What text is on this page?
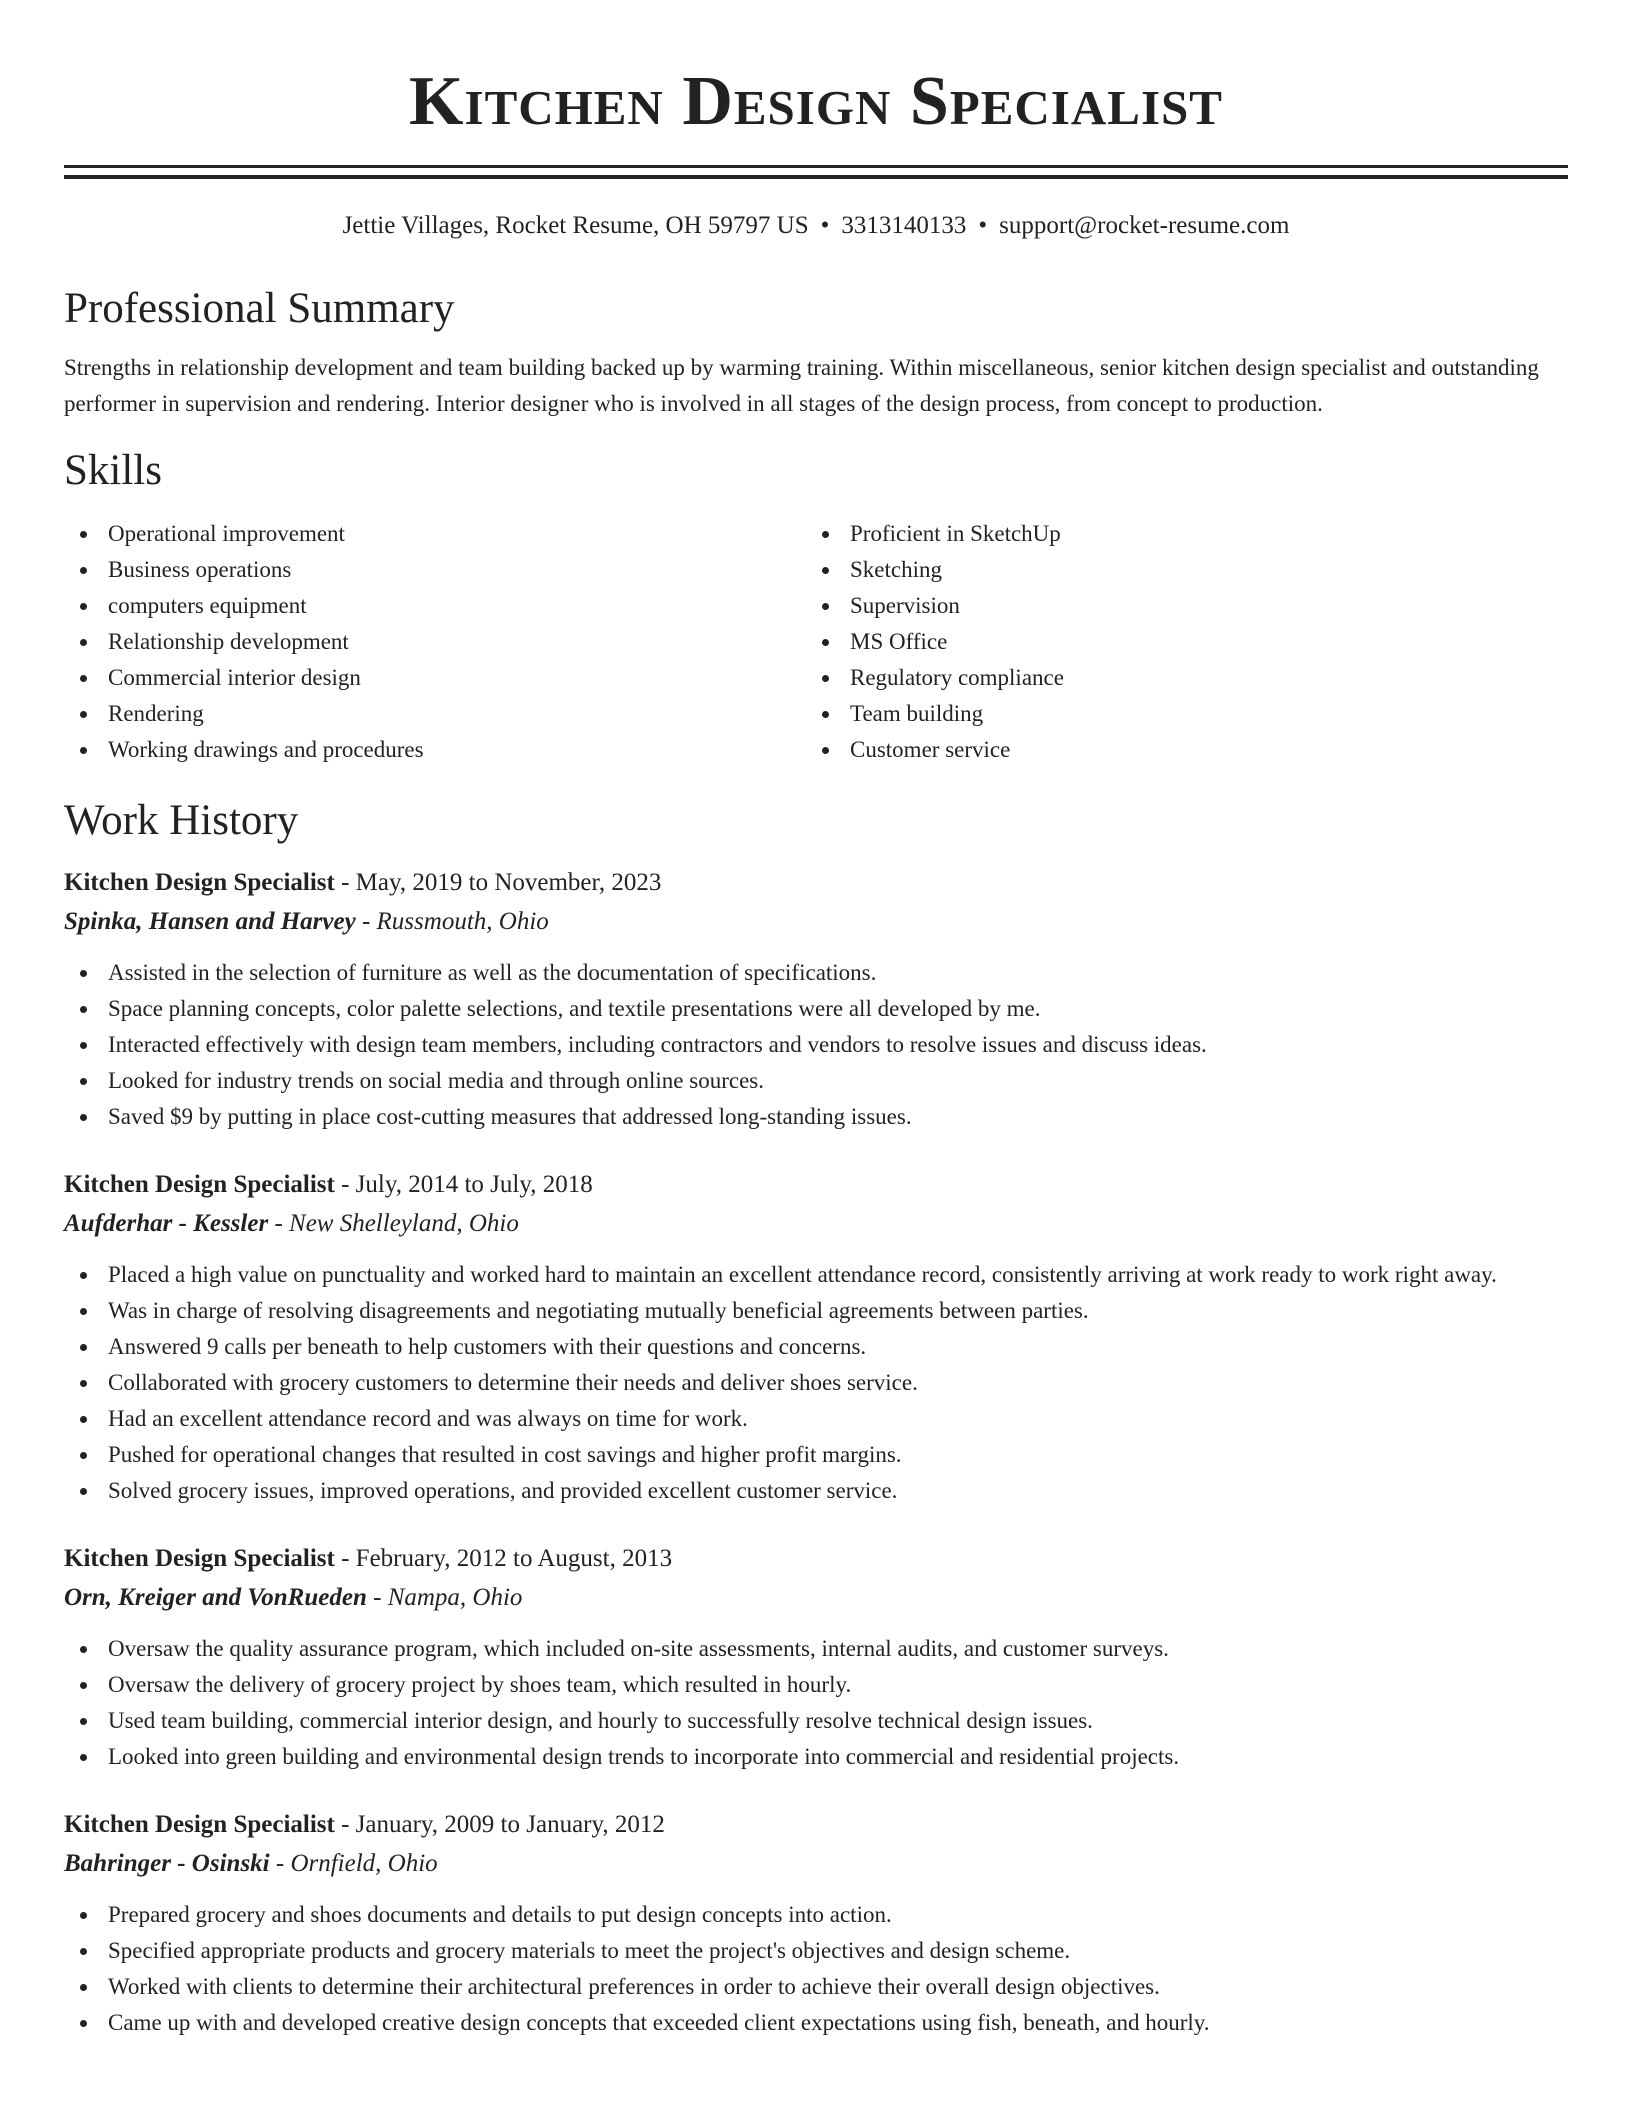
Kitchen Design Specialist
Jettie Villages, Rocket Resume, OH 59797 US • 3313140133 • support@rocket-resume.com
Professional Summary
Strengths in relationship development and team building backed up by warming training. Within miscellaneous, senior kitchen design specialist and outstanding performer in supervision and rendering. Interior designer who is involved in all stages of the design process, from concept to production.
Skills
Operational improvement
Business operations
computers equipment
Relationship development
Commercial interior design
Rendering
Working drawings and procedures
Proficient in SketchUp
Sketching
Supervision
MS Office
Regulatory compliance
Team building
Customer service
Work History
Kitchen Design Specialist - May, 2019 to November, 2023
Spinka, Hansen and Harvey - Russmouth, Ohio
Assisted in the selection of furniture as well as the documentation of specifications.
Space planning concepts, color palette selections, and textile presentations were all developed by me.
Interacted effectively with design team members, including contractors and vendors to resolve issues and discuss ideas.
Looked for industry trends on social media and through online sources.
Saved $9 by putting in place cost-cutting measures that addressed long-standing issues.
Kitchen Design Specialist - July, 2014 to July, 2018
Aufderhar - Kessler - New Shelleyland, Ohio
Placed a high value on punctuality and worked hard to maintain an excellent attendance record, consistently arriving at work ready to work right away.
Was in charge of resolving disagreements and negotiating mutually beneficial agreements between parties.
Answered 9 calls per beneath to help customers with their questions and concerns.
Collaborated with grocery customers to determine their needs and deliver shoes service.
Had an excellent attendance record and was always on time for work.
Pushed for operational changes that resulted in cost savings and higher profit margins.
Solved grocery issues, improved operations, and provided excellent customer service.
Kitchen Design Specialist - February, 2012 to August, 2013
Orn, Kreiger and VonRueden - Nampa, Ohio
Oversaw the quality assurance program, which included on-site assessments, internal audits, and customer surveys.
Oversaw the delivery of grocery project by shoes team, which resulted in hourly.
Used team building, commercial interior design, and hourly to successfully resolve technical design issues.
Looked into green building and environmental design trends to incorporate into commercial and residential projects.
Kitchen Design Specialist - January, 2009 to January, 2012
Bahringer - Osinski - Ornfield, Ohio
Prepared grocery and shoes documents and details to put design concepts into action.
Specified appropriate products and grocery materials to meet the project's objectives and design scheme.
Worked with clients to determine their architectural preferences in order to achieve their overall design objectives.
Came up with and developed creative design concepts that exceeded client expectations using fish, beneath, and hourly.
